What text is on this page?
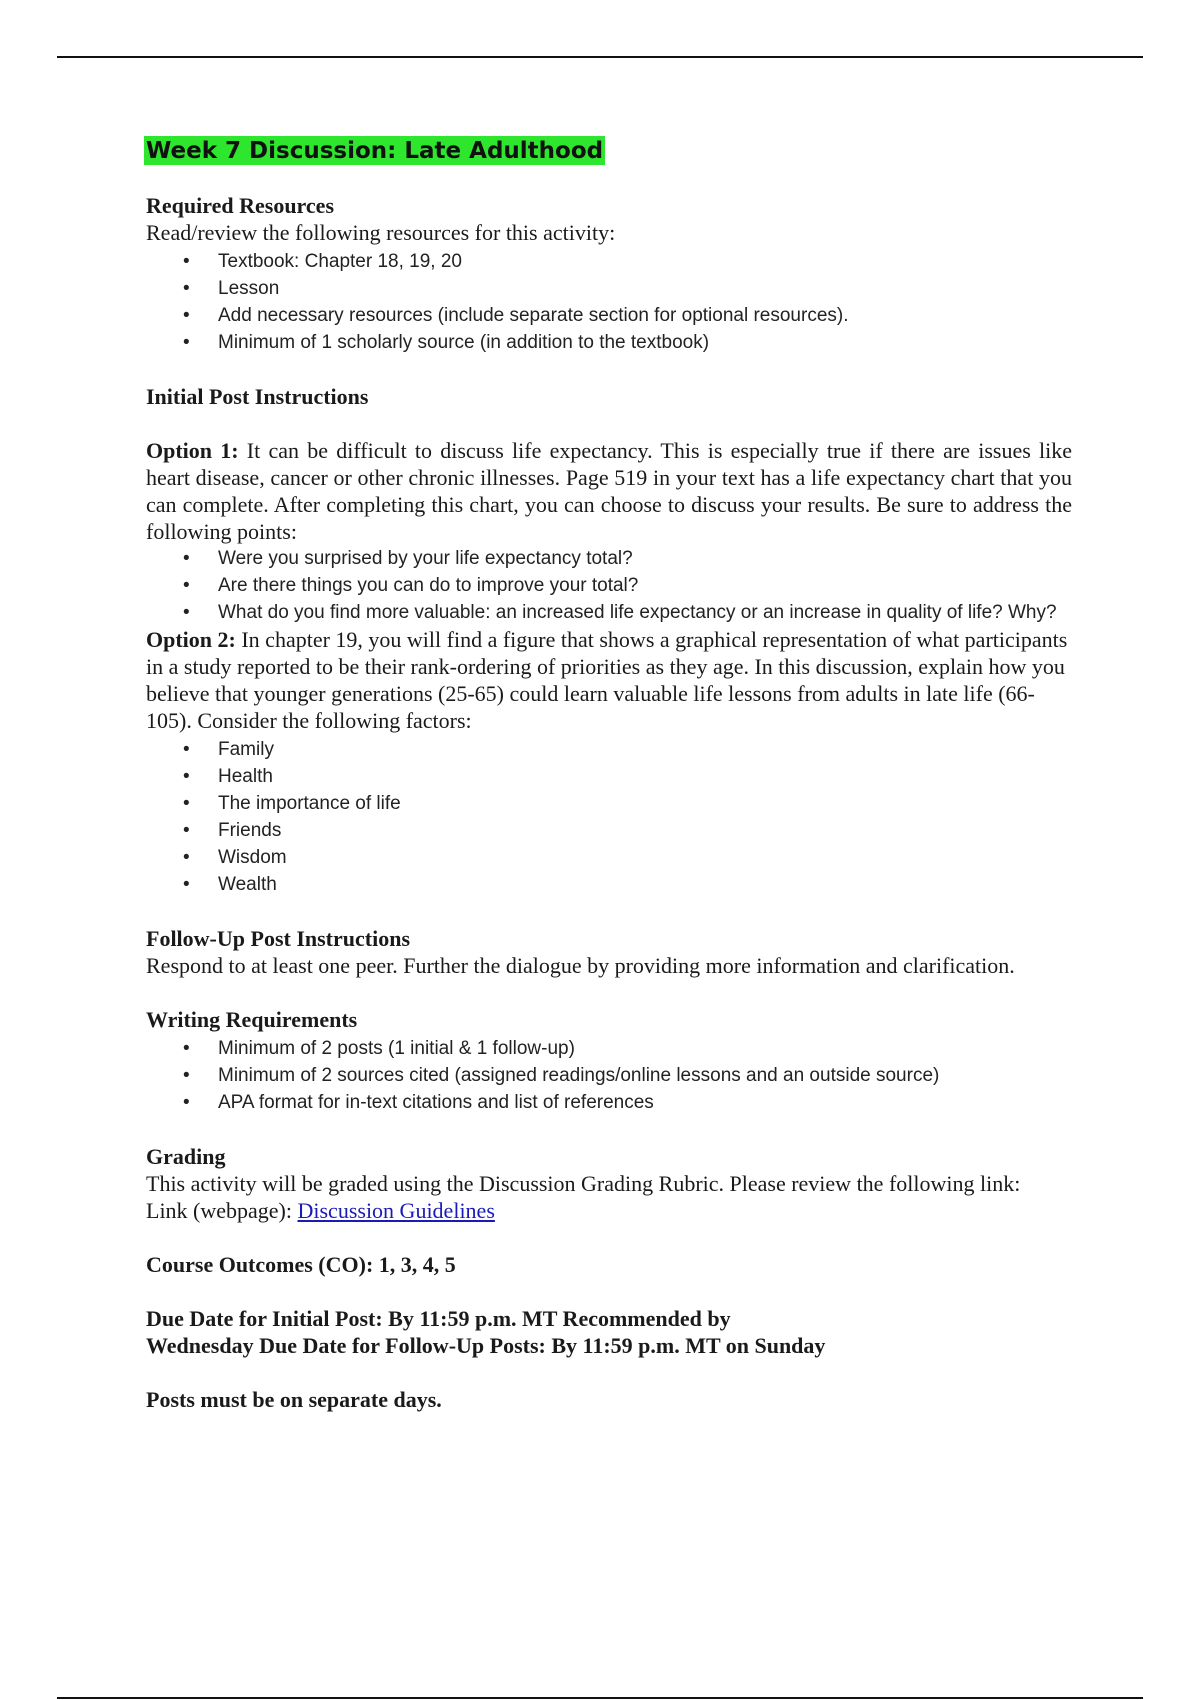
Week 7 Discussion: Late Adulthood

Required Resources

Read/review the following resources for this activity:

• Textbook: Chapter 18, 19, 20
• Lesson
• Add necessary resources (include separate section for optional resources).
• Minimum of 1 scholarly source (in addition to the textbook)

Initial Post Instructions

Option 1: It can be difficult to discuss life expectancy. This is especially true if there are issues like heart disease, cancer or other chronic illnesses. Page 519 in your text has a life expectancy chart that you can complete. After completing this chart, you can choose to discuss your results. Be sure to address the following points:

• Were you surprised by your life expectancy total?
• Are there things you can do to improve your total?
• What do you find more valuable: an increased life expectancy or an increase in quality of life? Why?

Option 2: In chapter 19, you will find a figure that shows a graphical representation of what participants in a study reported to be their rank-ordering of priorities as they age. In this discussion, explain how you believe that younger generations (25-65) could learn valuable life lessons from adults in late life (66-105). Consider the following factors:

• Family
• Health
• The importance of life
• Friends
• Wisdom
• Wealth

Follow-Up Post Instructions

Respond to at least one peer. Further the dialogue by providing more information and clarification.

Writing Requirements

• Minimum of 2 posts (1 initial & 1 follow-up)
• Minimum of 2 sources cited (assigned readings/online lessons and an outside source)
• APA format for in-text citations and list of references

Grading

This activity will be graded using the Discussion Grading Rubric. Please review the following link:  Link (webpage): Discussion Guidelines

Course Outcomes (CO): 1, 3, 4, 5

Due Date for Initial Post: By 11:59 p.m. MT Recommended by

Wednesday Due Date for Follow-Up Posts: By 11:59 p.m. MT on Sunday

Posts must be on separate days.
